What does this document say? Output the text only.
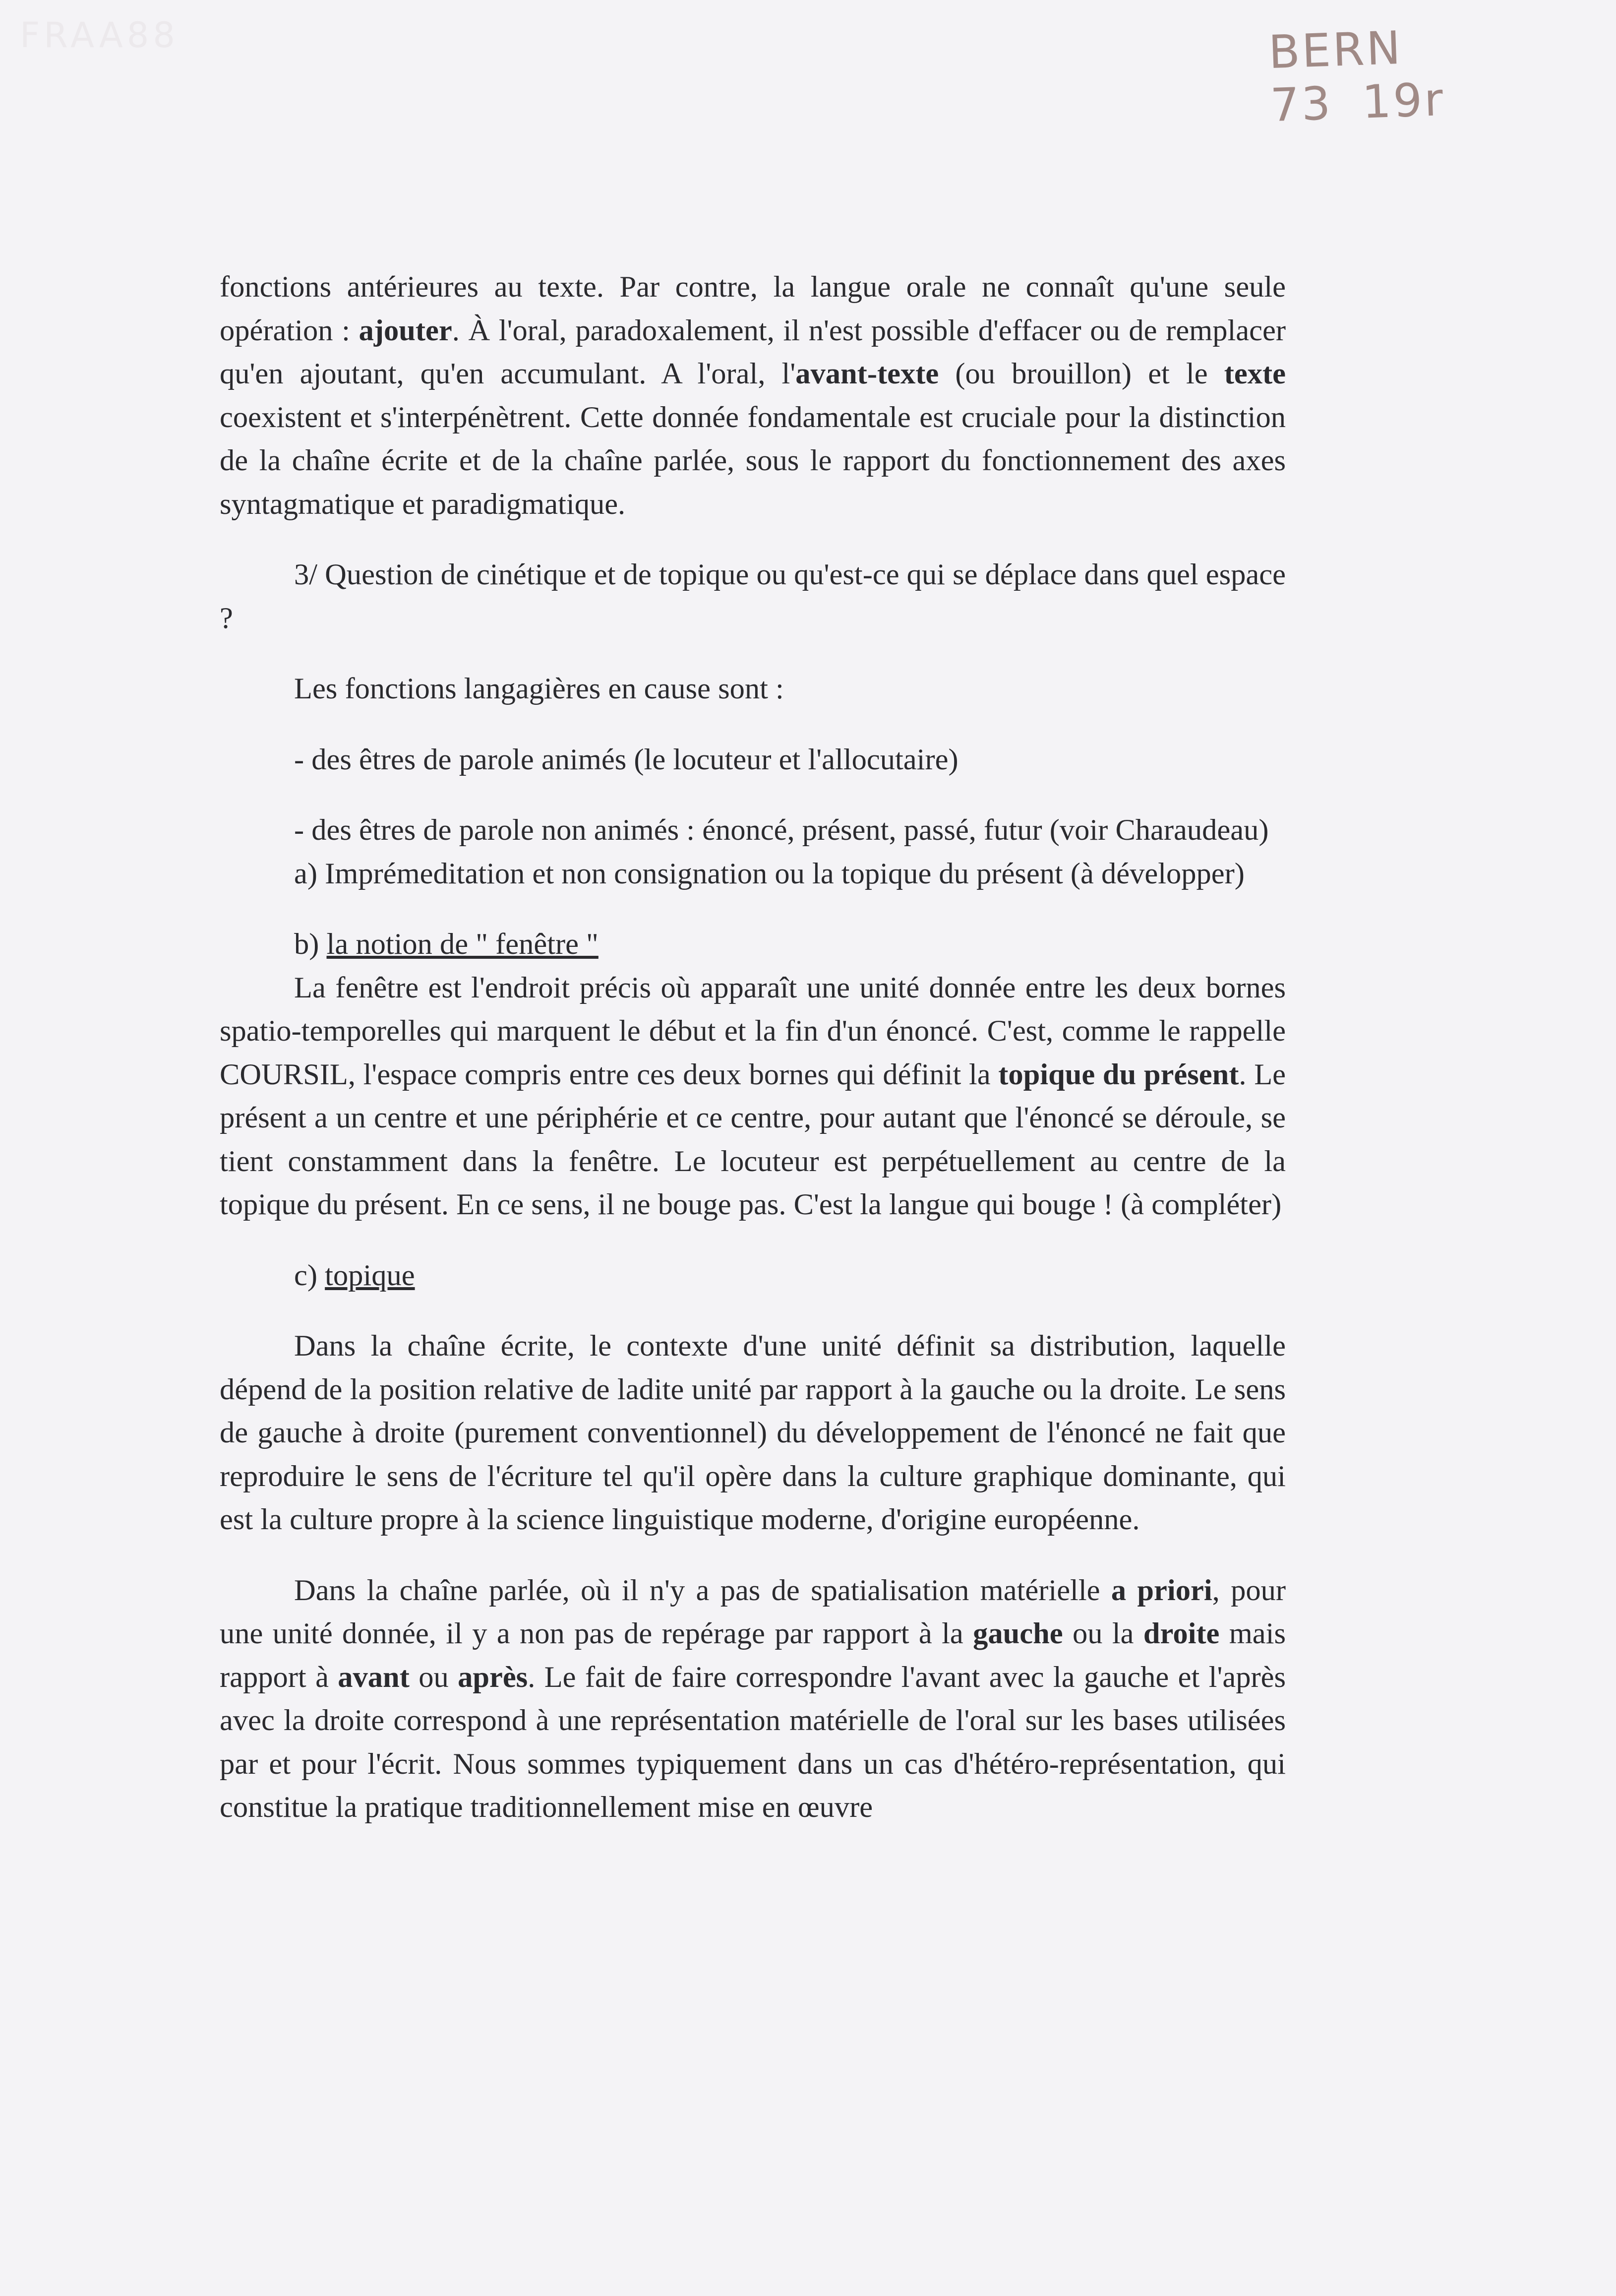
FRAA88	BERN 73 19r

fonctions antérieures au texte. Par contre, la langue orale ne connaît qu'une seule opération : ajouter. À l'oral, paradoxalement, il n'est possible d'effacer ou de remplacer qu'en ajoutant, qu'en accumulant. A l'oral, l'avant-texte (ou brouillon) et le texte coexistent et s'interpénètrent. Cette donnée fondamentale est cruciale pour la distinction de la chaîne écrite et de la chaîne parlée, sous le rapport du fonctionnement des axes syntagmatique et paradigmatique.

3/ Question de cinétique et de topique ou qu'est-ce qui se déplace dans quel espace ?

Les fonctions langagières en cause sont :

- des êtres de parole animés (le locuteur et l'allocutaire)

- des êtres de parole non animés : énoncé, présent, passé, futur (voir Charaudeau)

a) Imprémeditation et non consignation ou la topique du présent (à développer)

b) la notion de " fenêtre "

La fenêtre est l'endroit précis où apparaît une unité donnée entre les deux bornes spatio-temporelles qui marquent le début et la fin d'un énoncé. C'est, comme le rappelle COURSIL, l'espace compris entre ces deux bornes qui définit la topique du présent. Le présent a un centre et une périphérie et ce centre, pour autant que l'énoncé se déroule, se tient constamment dans la fenêtre. Le locuteur est perpétuellement au centre de la topique du présent. En ce sens, il ne bouge pas. C'est la langue qui bouge ! (à compléter)

c) topique

Dans la chaîne écrite, le contexte d'une unité définit sa distribution, laquelle dépend de la position relative de ladite unité par rapport à la gauche ou la droite. Le sens de gauche à droite (purement conventionnel) du développement de l'énoncé ne fait que reproduire le sens de l'écriture tel qu'il opère dans la culture graphique dominante, qui est la culture propre à la science linguistique moderne, d'origine européenne.

Dans la chaîne parlée, où il n'y a pas de spatialisation matérielle a priori, pour une unité donnée, il y a non pas de repérage par rapport à la gauche ou la droite mais rapport à avant ou après. Le fait de faire correspondre l'avant avec la gauche et l'après avec la droite correspond à une représentation matérielle de l'oral sur les bases utilisées par et pour l'écrit. Nous sommes typiquement dans un cas d'hétéro-représentation, qui constitue la pratique traditionnellement mise en œuvre
